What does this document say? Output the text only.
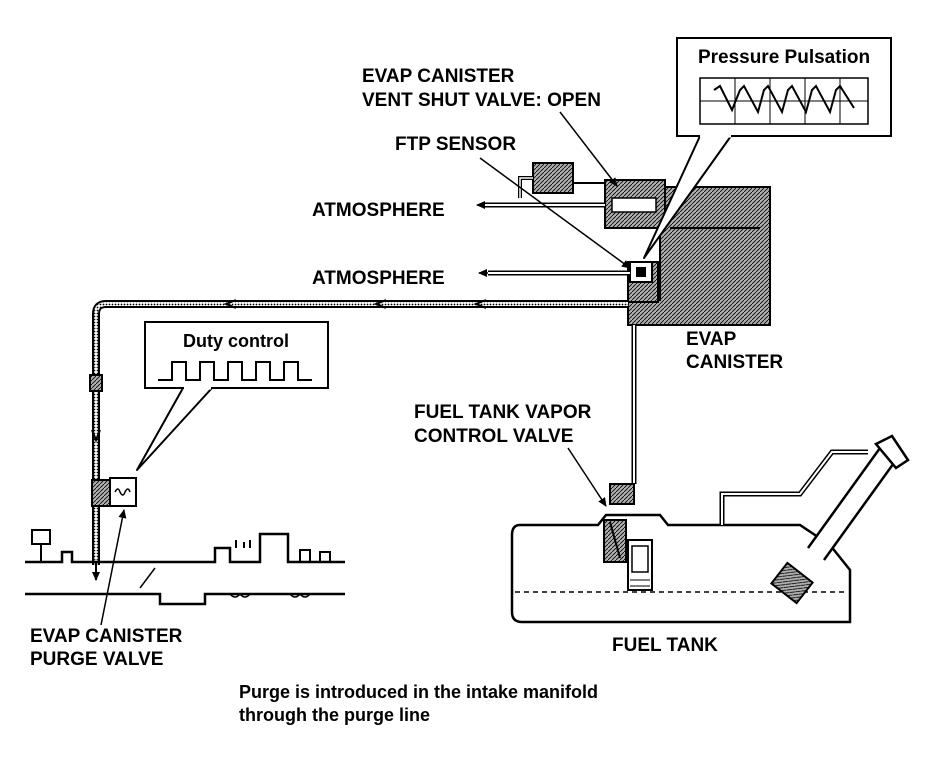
Pressure Pulsation
Duty control
EVAP CANISTER
VENT SHUT VALVE: OPEN
FTP SENSOR
ATMOSPHERE
ATMOSPHERE
EVAP
CANISTER
FUEL TANK VAPOR
CONTROL VALVE
EVAP CANISTER
PURGE VALVE
FUEL TANK
Purge is introduced in the intake manifold
through the purge line
